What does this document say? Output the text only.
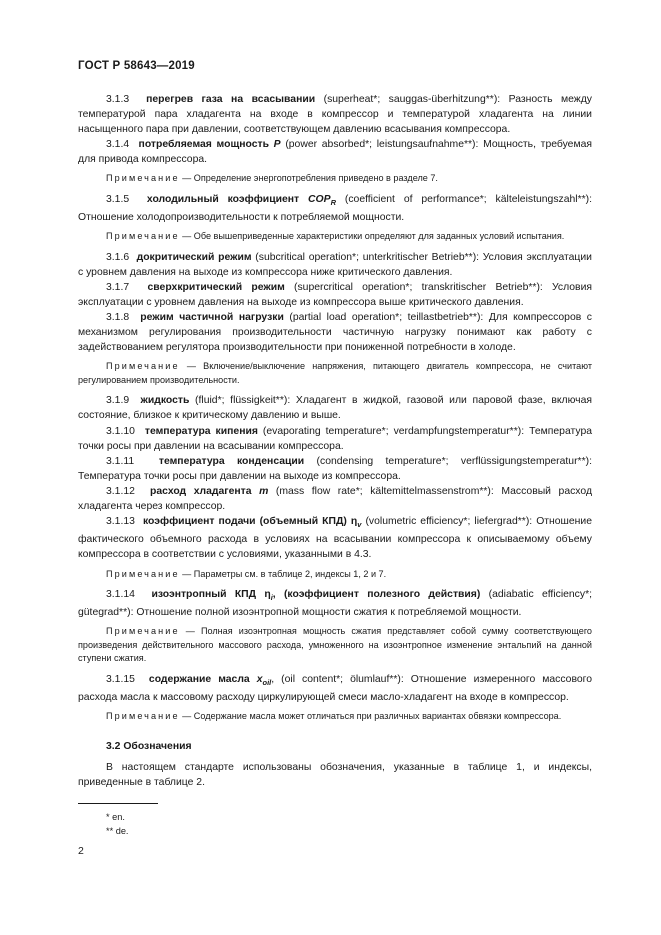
ГОСТ Р 58643—2019

3.1.3 перегрев газа на всасывании (superheat*; sauggas-überhitzung**): Разность между температурой пара хладагента на входе в компрессор и температурой хладагента на линии насыщенного пара при давлении, соответствующем давлению всасывания компрессора.

3.1.4 потребляемая мощность P (power absorbed*; leistungsaufnahme**): Мощность, требуемая для привода компрессора.

Примечание — Определение энергопотребления приведено в разделе 7.

3.1.5 холодильный коэффициент $COP_R$ (coefficient of performance*; kälteleistungszahl**): Отношение холодопроизводительности к потребляемой мощности.

Примечание — Обе вышеприведенные характеристики определяют для заданных условий испытания.

3.1.6 докритический режим (subcritical operation*; unterkritischer Betrieb**): Условия эксплуатации с уровнем давления на выходе из компрессора ниже критического давления.

3.1.7 сверхкритический режим (supercritical operation*; transkritischer Betrieb**): Условия эксплуатации с уровнем давления на выходе из компрессора выше критического давления.

3.1.8 режим частичной нагрузки (partial load operation*; teillastbetrieb**): Для компрессоров с механизмом регулирования производительности частичную нагрузку понимают как работу с задействованием регулятора производительности при пониженной потребности в холоде.

Примечание — Включение/выключение напряжения, питающего двигатель компрессора, не считают регулированием производительности.

3.1.9 жидкость (fluid*; flüssigkeit**): Хладагент в жидкой, газовой или паровой фазе, включая состояние, близкое к критическому давлению и выше.

3.1.10 температура кипения (evaporating temperature*; verdampfungstemperatur**): Температура точки росы при давлении на всасывании компрессора.

3.1.11 температура конденсации (condensing temperature*; verflüssigungstemperatur**): Температура точки росы при давлении на выходе из компрессора.

3.1.12 расход хладагента m (mass flow rate*; kältemittelmassenstrom**): Массовый расход хладагента через компрессор.

3.1.13 коэффициент подачи (объемный КПД) $\eta_v$ (volumetric efficiency*; liefergrad**): Отношение фактического объемного расхода в условиях на всасывании компрессора к описываемому объему компрессора в соответствии с условиями, указанными в 4.3.

Примечание — Параметры см. в таблице 2, индексы 1, 2 и 7.

3.1.14 изоэнтропный КПД $\eta_i$, (коэффициент полезного действия) (adiabatic efficiency*; gütegrad**): Отношение полной изоэнтропной мощности сжатия к потребляемой мощности.

Примечание — Полная изоэнтропная мощность сжатия представляет собой сумму соответствующего произведения действительного массового расхода, умноженного на изоэнтропное изменение энтальпий на данной ступени сжатия.

3.1.15 содержание масла $x_{oil}$, (oil content*; ölumlauf**): Отношение измеренного массового расхода масла к массовому расходу циркулирующей смеси масло-хладагент на входе в компрессор.

Примечание — Содержание масла может отличаться при различных вариантах обвязки компрессора.

3.2 Обозначения

В настоящем стандарте использованы обозначения, указанные в таблице 1, и индексы, приведенные в таблице 2.

* en.
** de.
2
